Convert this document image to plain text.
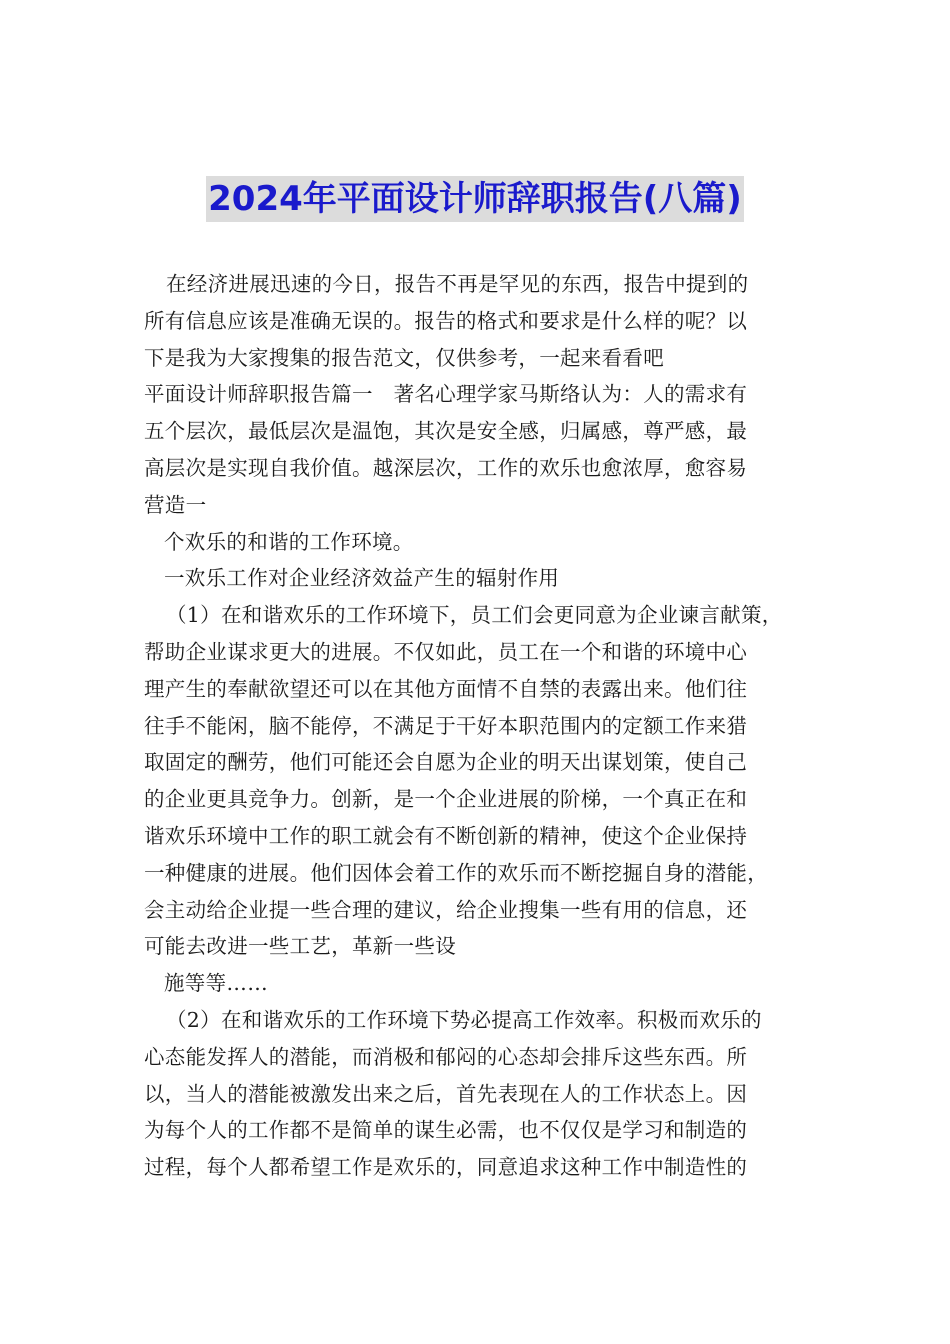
2024年平面设计师辞职报告(八篇)
在经济进展迅速的今日，报告不再是罕见的东西，报告中提到的
所有信息应该是准确无误的。报告的格式和要求是什么样的呢？以
下是我为大家搜集的报告范文，仅供参考，一起来看看吧
平面设计师辞职报告篇一　著名心理学家马斯络认为：人的需求有
五个层次，最低层次是温饱，其次是安全感，归属感，尊严感，最
高层次是实现自我价值。越深层次，工作的欢乐也愈浓厚，愈容易
营造一
个欢乐的和谐的工作环境。
一欢乐工作对企业经济效益产生的辐射作用
（1）在和谐欢乐的工作环境下，员工们会更同意为企业谏言献策，
帮助企业谋求更大的进展。不仅如此，员工在一个和谐的环境中心
理产生的奉献欲望还可以在其他方面情不自禁的表露出来。他们往
往手不能闲，脑不能停，不满足于干好本职范围内的定额工作来猎
取固定的酬劳，他们可能还会自愿为企业的明天出谋划策，使自己
的企业更具竞争力。创新，是一个企业进展的阶梯，一个真正在和
谐欢乐环境中工作的职工就会有不断创新的精神，使这个企业保持
一种健康的进展。他们因体会着工作的欢乐而不断挖掘自身的潜能，
会主动给企业提一些合理的建议，给企业搜集一些有用的信息，还
可能去改进一些工艺，革新一些设
施等等……
（2）在和谐欢乐的工作环境下势必提高工作效率。积极而欢乐的
心态能发挥人的潜能，而消极和郁闷的心态却会排斥这些东西。所
以，当人的潜能被激发出来之后，首先表现在人的工作状态上。因
为每个人的工作都不是简单的谋生必需，也不仅仅是学习和制造的
过程，每个人都希望工作是欢乐的，同意追求这种工作中制造性的
